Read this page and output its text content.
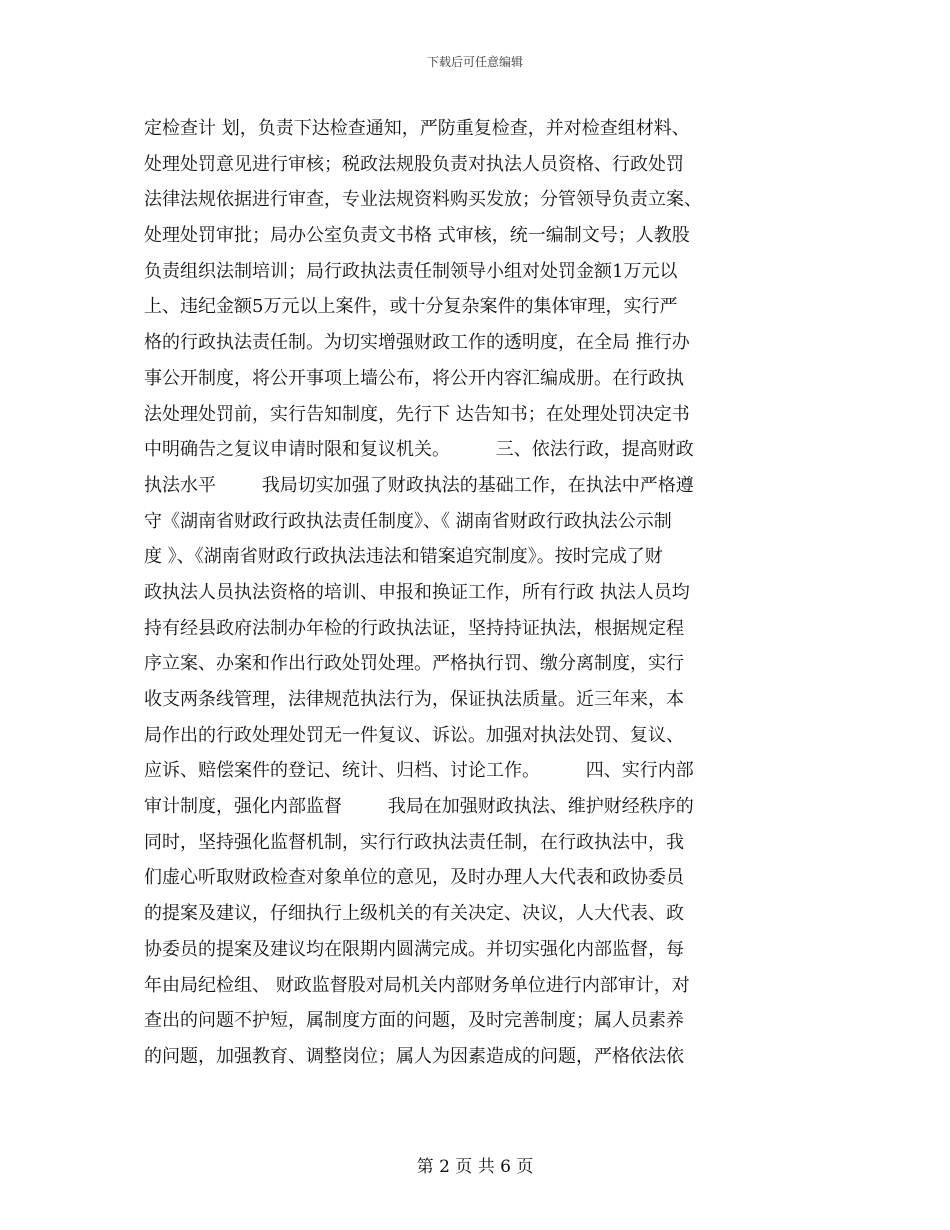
下载后可任意编辑
定检查计 划，负责下达检查通知，严防重复检查，并对检查组材料、
处理处罚意见进行审核；税政法规股负责对执法人员资格、行政处罚
法律法规依据进行审查，专业法规资料购买发放；分管领导负责立案、
处理处罚审批；局办公室负责文书格 式审核，统一编制文号；人教股
负责组织法制培训；局行政执法责任制领导小组对处罚金额1万元以
上、违纪金额5万元以上案件，或十分复杂案件的集体审理，实行严
格的行政执法责任制。为切实增强财政工作的透明度，在全局 推行办
事公开制度，将公开事项上墙公布，将公开内容汇编成册。在行政执
法处理处罚前，实行告知制度，先行下 达告知书；在处理处罚决定书
中明确告之复议申请时限和复议机关。        三、依法行政，提高财政
执法水平        我局切实加强了财政执法的基础工作，在执法中严格遵
守《湖南省财政行政执法责任制度》、《 湖南省财政行政执法公示制
度 》、《湖南省财政行政执法违法和错案追究制度》。按时完成了财
政执法人员执法资格的培训、申报和换证工作，所有行政 执法人员均
持有经县政府法制办年检的行政执法证，坚持持证执法，根据规定程
序立案、办案和作出行政处罚处理。严格执行罚、缴分离制度，实行
收支两条线管理，法律规范执法行为，保证执法质量。近三年来，本
局作出的行政处理处罚无一件复议、诉讼。加强对执法处罚、复议、
应诉、赔偿案件的登记、统计、归档、讨论工作。        四、实行内部
审计制度，强化内部监督        我局在加强财政执法、维护财经秩序的
同时，坚持强化监督机制，实行行政执法责任制，在行政执法中，我
们虚心听取财政检查对象单位的意见，及时办理人大代表和政协委员
的提案及建议，仔细执行上级机关的有关决定、决议，人大代表、政
协委员的提案及建议均在限期内圆满完成。并切实强化内部监督，每
年由局纪检组、 财政监督股对局机关内部财务单位进行内部审计，对
查出的问题不护短，属制度方面的问题，及时完善制度；属人员素养
的问题，加强教育、调整岗位；属人为因素造成的问题，严格依法依
第 2 页 共 6 页
